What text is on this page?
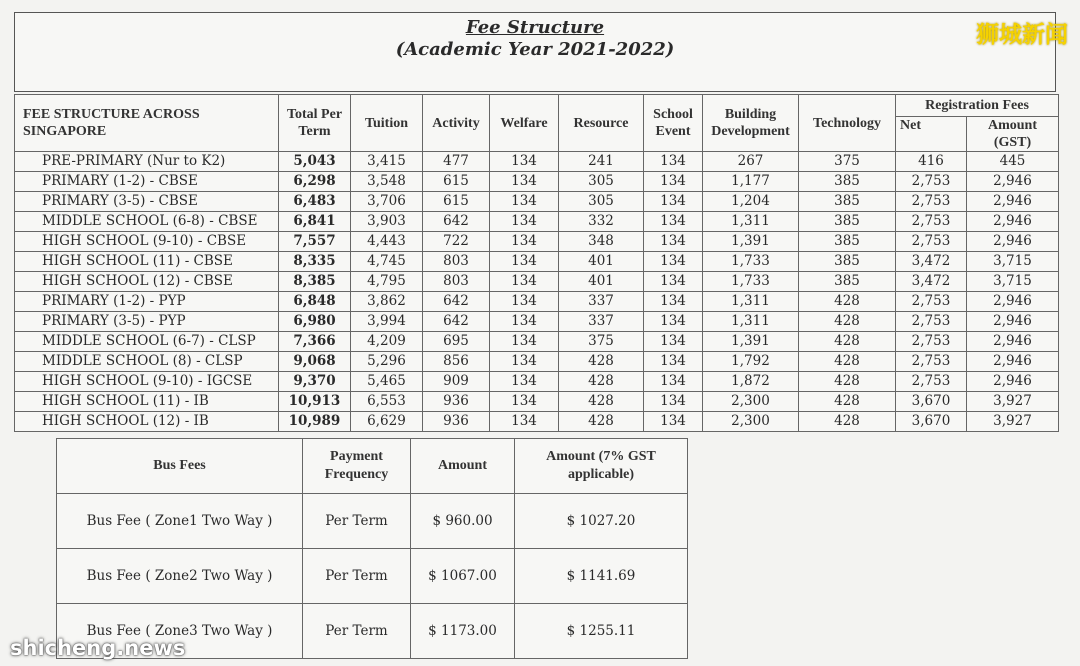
Fee Structure
(Academic Year 2021-2022)
狮城新闻
FEE STRUCTURE ACROSS SINGAPORE	Total Per Term	Tuition	Activity	Welfare	Resource	School Event	Building Development	Technology	Registration Fees	
									Net	Amount (GST)
PRE-PRIMARY (Nur to K2)	5,043	3,415	477	134	241	134	267	375	416	445
PRIMARY (1-2) - CBSE	6,298	3,548	615	134	305	134	1,177	385	2,753	2,946
PRIMARY (3-5) - CBSE	6,483	3,706	615	134	305	134	1,204	385	2,753	2,946
MIDDLE SCHOOL (6-8) - CBSE	6,841	3,903	642	134	332	134	1,311	385	2,753	2,946
HIGH SCHOOL (9-10) - CBSE	7,557	4,443	722	134	348	134	1,391	385	2,753	2,946
HIGH SCHOOL (11) - CBSE	8,335	4,745	803	134	401	134	1,733	385	3,472	3,715
HIGH SCHOOL (12) - CBSE	8,385	4,795	803	134	401	134	1,733	385	3,472	3,715
PRIMARY (1-2) - PYP	6,848	3,862	642	134	337	134	1,311	428	2,753	2,946
PRIMARY (3-5) - PYP	6,980	3,994	642	134	337	134	1,311	428	2,753	2,946
MIDDLE SCHOOL (6-7) - CLSP	7,366	4,209	695	134	375	134	1,391	428	2,753	2,946
MIDDLE SCHOOL (8) - CLSP	9,068	5,296	856	134	428	134	1,792	428	2,753	2,946
HIGH SCHOOL (9-10) - IGCSE	9,370	5,465	909	134	428	134	1,872	428	2,753	2,946
HIGH SCHOOL (11) - IB	10,913	6,553	936	134	428	134	2,300	428	3,670	3,927
HIGH SCHOOL (12) - IB	10,989	6,629	936	134	428	134	2,300	428	3,670	3,927
Bus Fees	Payment Frequency	Amount	Amount (7% GST applicable)
Bus Fee ( Zone1 Two Way )	Per Term	$ 960.00	$ 1027.20
Bus Fee ( Zone2 Two Way )	Per Term	$ 1067.00	$ 1141.69
Bus Fee ( Zone3 Two Way )	Per Term	$ 1173.00	$ 1255.11
shicheng.news
